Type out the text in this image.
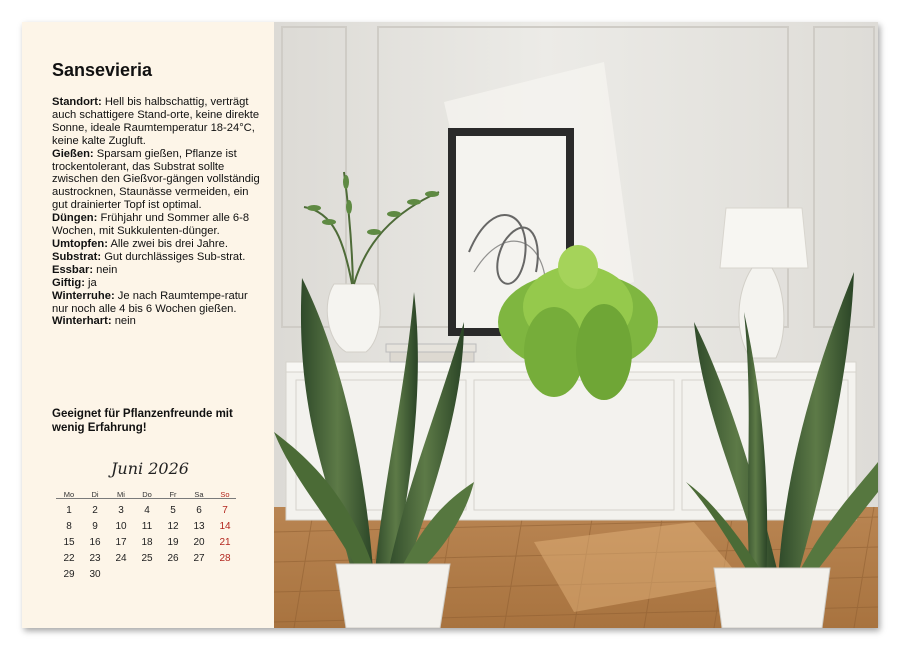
Sansevieria

Standort: Hell bis halbschattig, verträgt auch schattigere Stand-orte, keine direkte Sonne, ideale Raumtemperatur 18-24°C, keine kalte Zugluft.

Gießen: Sparsam gießen, Pflanze ist trockentolerant, das Substrat sollte zwischen den Gießvor-gängen vollständig austrocknen, Staunässe vermeiden, ein gut drainierter Topf ist optimal.

Düngen: Frühjahr und Sommer alle 6-8 Wochen, mit Sukkulenten-dünger.

Umtopfen: Alle zwei bis drei Jahre.

Substrat: Gut durchlässiges Sub-strat.

Essbar: nein

Giftig: ja

Winterruhe: Je nach Raumtempe-ratur nur noch alle 4 bis 6 Wochen gießen.

Winterhart: nein

Geeignet für Pflanzenfreunde mit wenig Erfahrung!
Juni 2026
Mo	Di	Mi	Do	Fr	Sa	So

1	2	3	4	5	6	7
8	9	10	11	12	13	14
15	16	17	18	19	20	21
22	23	24	25	26	27	28
29	30					
